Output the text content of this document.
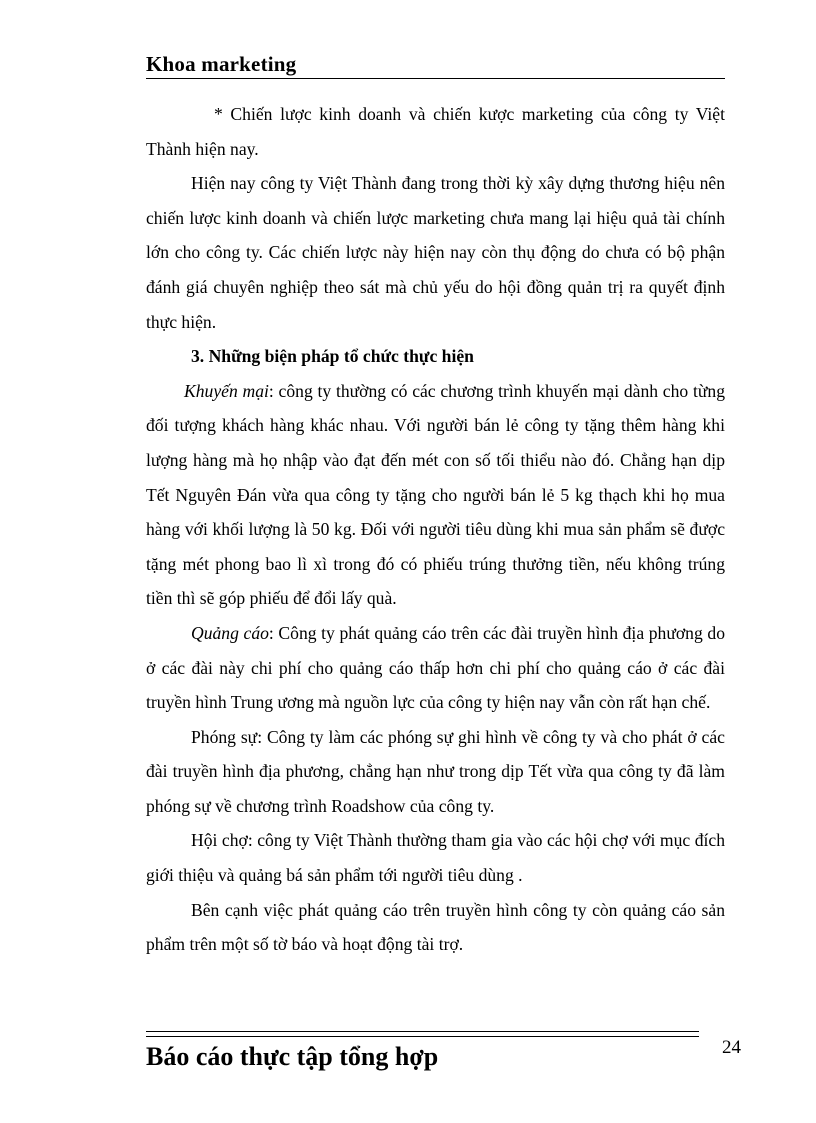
Khoa marketing

* Chiến lược kinh doanh và chiến kược marketing của công ty Việt Thành hiện nay.

Hiện nay công ty Việt Thành đang trong thời kỳ xây dựng thương hiệu nên chiến lược kinh doanh và chiến lược marketing chưa mang lại hiệu quả tài chính lớn cho công ty. Các chiến lược này hiện nay còn thụ động do chưa có bộ phận đánh giá chuyên nghiệp theo sát mà chủ yếu do hội đồng quản trị ra quyết định thực hiện.

3. Những biện pháp tổ chức thực hiện

Khuyến mại: công ty thường có các chương trình khuyến mại dành cho từng đối tượng khách hàng khác nhau. Với người bán lẻ công ty tặng thêm hàng khi lượng hàng mà họ nhập vào đạt đến mét con số tối thiểu nào đó. Chẳng hạn dịp Tết Nguyên Đán vừa qua công ty tặng cho người bán lẻ 5 kg thạch khi họ mua hàng với khối lượng là 50 kg. Đối với người tiêu dùng khi mua sản phẩm sẽ được tặng mét phong bao lì xì trong đó có phiếu trúng thưởng tiền, nếu không trúng tiền thì sẽ góp phiếu để đổi lấy quà.

Quảng cáo: Công ty phát quảng cáo trên các đài truyền hình địa phương do ở các đài này chi phí cho quảng cáo thấp hơn chi phí cho quảng cáo ở các đài truyền hình Trung ương mà nguồn lực của công ty hiện nay vẫn còn rất hạn chế.

Phóng sự: Công ty làm các phóng sự ghi hình về công ty và cho phát ở các đài truyền hình địa phương, chẳng hạn như trong dịp Tết vừa qua công ty đã làm phóng sự về chương trình Roadshow của công ty.

Hội chợ: công ty Việt Thành thường tham gia vào các hội chợ với mục đích giới thiệu và quảng bá sản phẩm tới người tiêu dùng .

Bên cạnh việc phát quảng cáo trên truyền hình công ty còn quảng cáo sản phẩm trên một số tờ báo và hoạt động tài trợ.

Báo cáo thực tập tổng hợp	24
